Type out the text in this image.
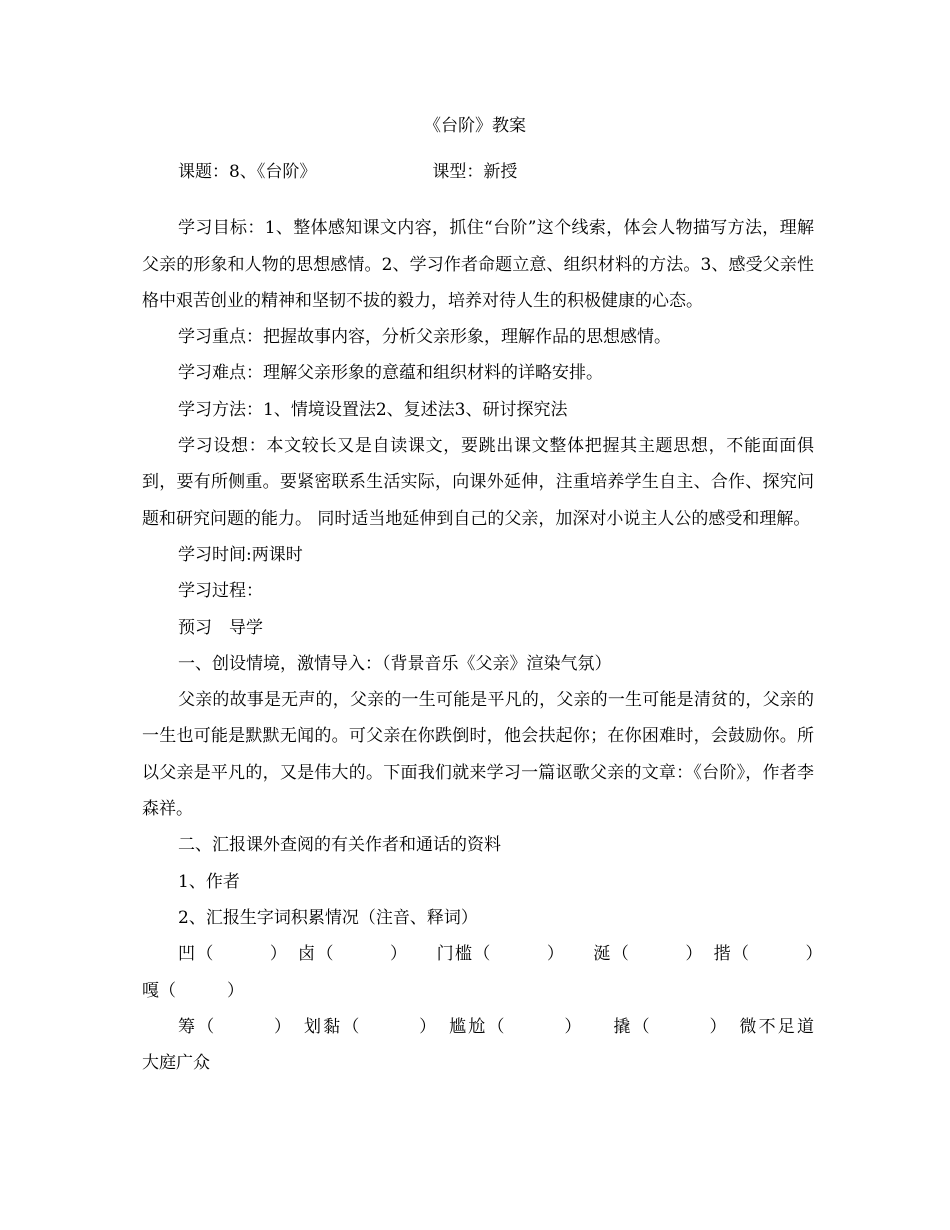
《台阶》教案

课题：8、《台阶》	课型：新授

学习目标：1、整体感知课文内容，抓住“台阶”这个线索，体会人物描写方法，理解父亲的形象和人物的思想感情。2、学习作者命题立意、组织材料的方法。3、感受父亲性格中艰苦创业的精神和坚韧不拔的毅力，培养对待人生的积极健康的心态。

学习重点：把握故事内容，分析父亲形象，理解作品的思想感情。

学习难点：理解父亲形象的意蕴和组织材料的详略安排。

学习方法：1、情境设置法2、复述法3、研讨探究法

学习设想：本文较长又是自读课文，要跳出课文整体把握其主题思想，不能面面俱到，要有所侧重。要紧密联系生活实际，向课外延伸，注重培养学生自主、合作、探究问题和研究问题的能力。 同时适当地延伸到自己的父亲，加深对小说主人公的感受和理解。

学习时间:两课时

学习过程：

预习　导学

一、创设情境，激情导入：（背景音乐《父亲》渲染气氛）

父亲的故事是无声的，父亲的一生可能是平凡的，父亲的一生可能是清贫的，父亲的一生也可能是默默无闻的。可父亲在你跌倒时，他会扶起你；在你困难时，会鼓励你。所以父亲是平凡的，又是伟大的。下面我们就来学习一篇讴歌父亲的文章：《台阶》，作者李森祥。

二、汇报课外查阅的有关作者和通话的资料

1、作者

2、汇报生字词积累情况（注音、释词）

凹（　　　）　卤（　　　）　　门槛（　　　）　　涎（　　　）　揩（　　　）　　嘎（　　　）

筹（　　　）　划黏（　　　）　尴尬（　　　）　　撬（　　　）　微不足道　　　　大庭广众
